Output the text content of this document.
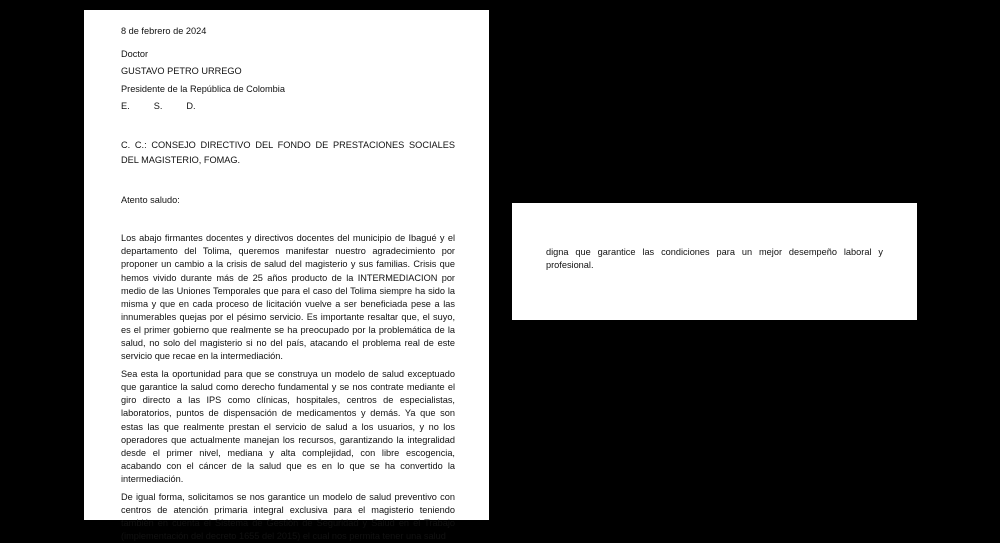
8 de febrero de 2024

Doctor

GUSTAVO PETRO URREGO

Presidente de la República de Colombia

E.	S.	D.

C. C.: CONSEJO DIRECTIVO DEL FONDO DE PRESTACIONES SOCIALES DEL MAGISTERIO, FOMAG.

Atento saludo:

Los abajo firmantes docentes y directivos docentes del municipio de Ibagué y el departamento del Tolima, queremos manifestar nuestro agradecimiento por proponer un cambio a la crisis de salud del magisterio y sus familias. Crisis que hemos vivido durante más de 25 años producto de la INTERMEDIACION por medio de las Uniones Temporales que para el caso del Tolima siempre ha sido la misma y que en cada proceso de licitación vuelve a ser beneficiada pese a las innumerables quejas por el pésimo servicio. Es importante resaltar que, el suyo, es el primer gobierno que realmente se ha preocupado por la problemática de la salud, no solo del magisterio si no del país, atacando el problema real de este servicio que recae en la intermediación.

Sea esta la oportunidad para que se construya un modelo de salud exceptuado que garantice la salud como derecho fundamental y se nos contrate mediante el giro directo a las IPS como clínicas, hospitales, centros de especialistas, laboratorios, puntos de dispensación de medicamentos y demás. Ya que son estas las que realmente prestan el servicio de salud a los usuarios, y no los operadores que actualmente manejan los recursos, garantizando la integralidad desde el primer nivel, mediana y alta complejidad, con libre escogencia, acabando con el cáncer de la salud que es en lo que se ha convertido la intermediación.

De igual forma, solicitamos se nos garantice un modelo de salud preventivo con centros de atención primaria integral exclusiva para el magisterio teniendo también en cuenta el Sistema de Gestión de Seguridad y Salud en el Trabajo (implementación del decreto 1655 del 2015) el cual nos permita tener una salud

digna que garantice las condiciones para un mejor desempeño laboral y profesional.
